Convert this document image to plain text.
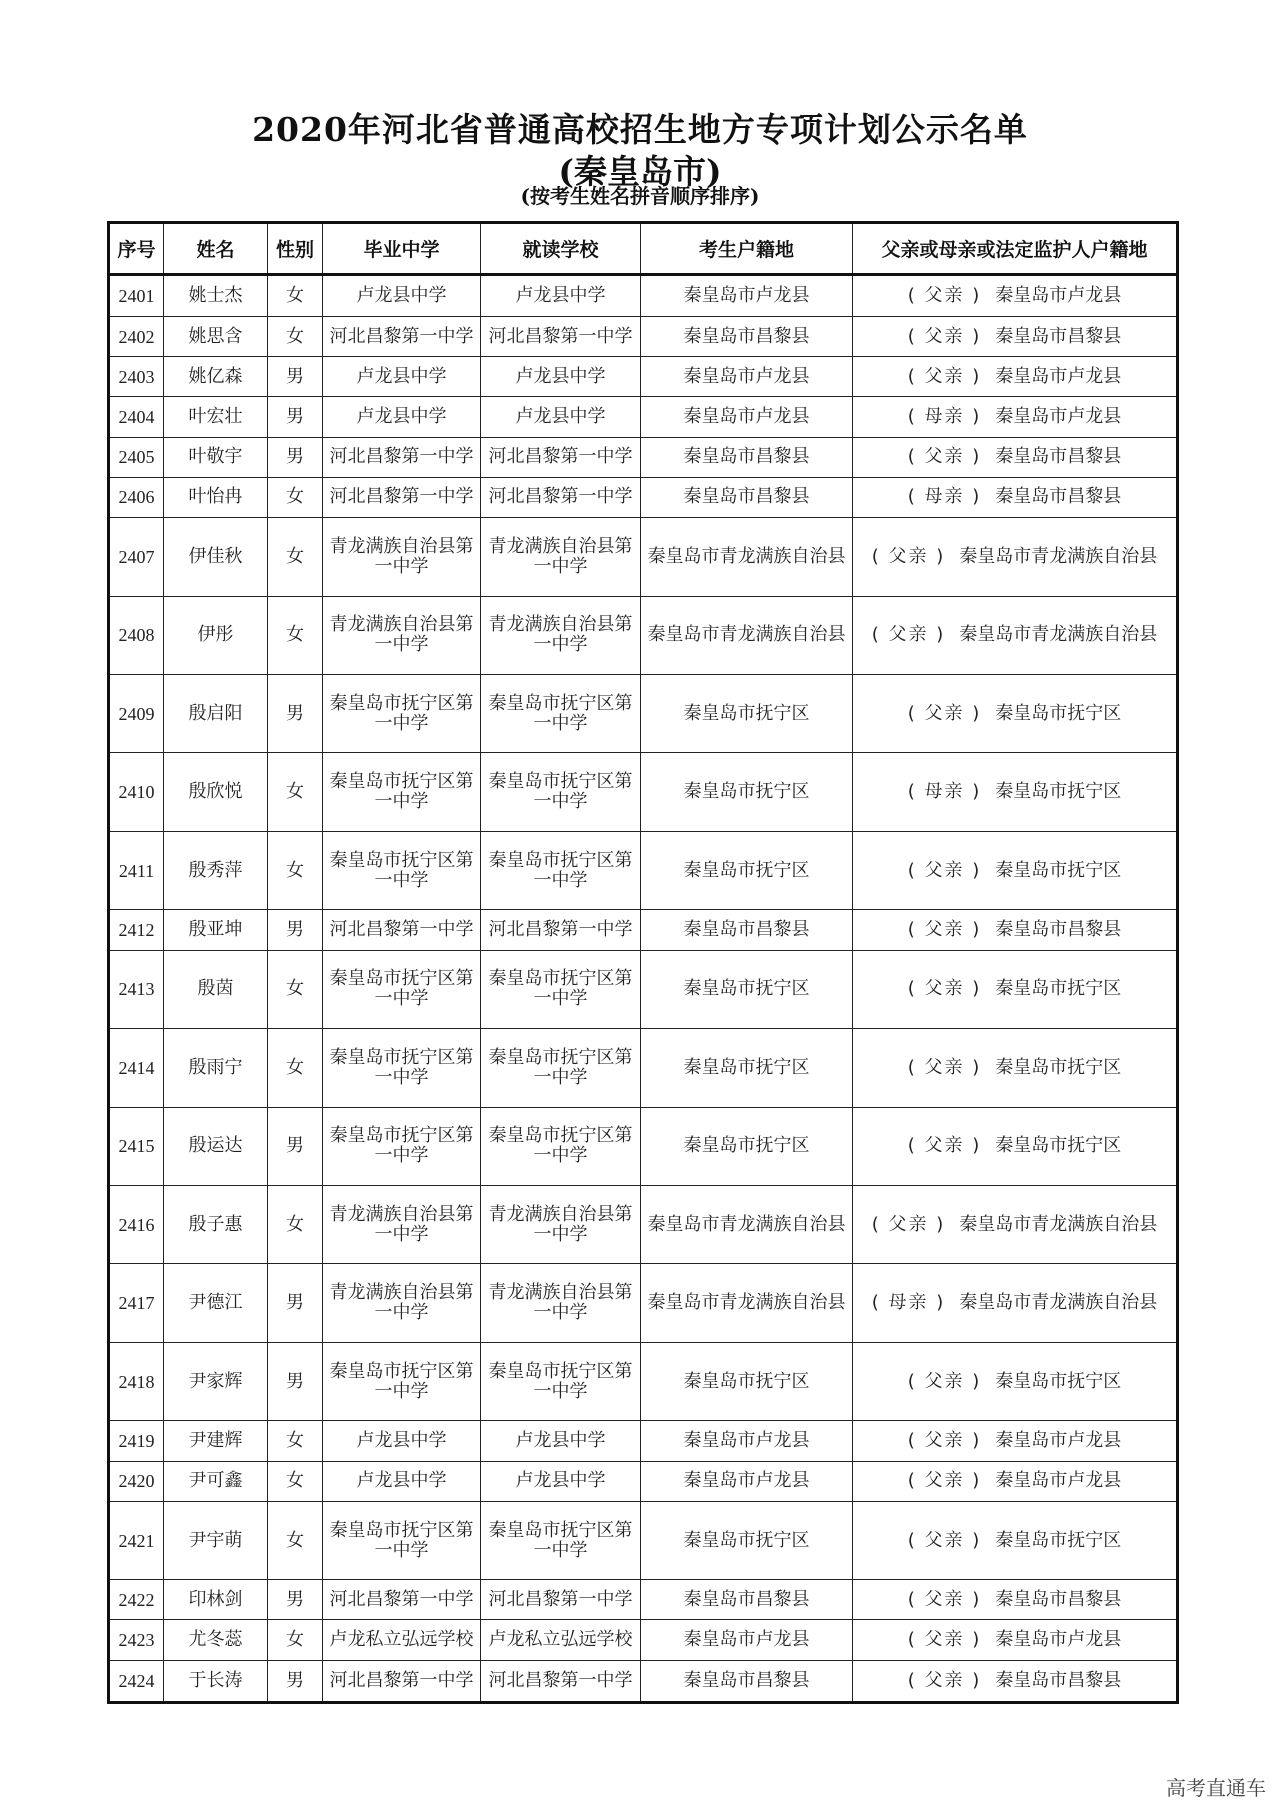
2020年河北省普通高校招生地方专项计划公示名单
(秦皇岛市)
(按考生姓名拼音顺序排序)
序号	姓名	性别	毕业中学	就读学校	考生户籍地	父亲或母亲或法定监护人户籍地
2401	姚士杰	女	卢龙县中学	卢龙县中学	秦皇岛市卢龙县	( 父亲 ) 秦皇岛市卢龙县
2402	姚思含	女	河北昌黎第一中学	河北昌黎第一中学	秦皇岛市昌黎县	( 父亲 ) 秦皇岛市昌黎县
2403	姚亿森	男	卢龙县中学	卢龙县中学	秦皇岛市卢龙县	( 父亲 ) 秦皇岛市卢龙县
2404	叶宏壮	男	卢龙县中学	卢龙县中学	秦皇岛市卢龙县	( 母亲 ) 秦皇岛市卢龙县
2405	叶敬宇	男	河北昌黎第一中学	河北昌黎第一中学	秦皇岛市昌黎县	( 父亲 ) 秦皇岛市昌黎县
2406	叶怡冉	女	河北昌黎第一中学	河北昌黎第一中学	秦皇岛市昌黎县	( 母亲 ) 秦皇岛市昌黎县
2407	伊佳秋	女	青龙满族自治县第一中学	青龙满族自治县第一中学	秦皇岛市青龙满族自治县	( 父亲 ) 秦皇岛市青龙满族自治县
2408	伊彤	女	青龙满族自治县第一中学	青龙满族自治县第一中学	秦皇岛市青龙满族自治县	( 父亲 ) 秦皇岛市青龙满族自治县
2409	殷启阳	男	秦皇岛市抚宁区第一中学	秦皇岛市抚宁区第一中学	秦皇岛市抚宁区	( 父亲 ) 秦皇岛市抚宁区
2410	殷欣悦	女	秦皇岛市抚宁区第一中学	秦皇岛市抚宁区第一中学	秦皇岛市抚宁区	( 母亲 ) 秦皇岛市抚宁区
2411	殷秀萍	女	秦皇岛市抚宁区第一中学	秦皇岛市抚宁区第一中学	秦皇岛市抚宁区	( 父亲 ) 秦皇岛市抚宁区
2412	殷亚坤	男	河北昌黎第一中学	河北昌黎第一中学	秦皇岛市昌黎县	( 父亲 ) 秦皇岛市昌黎县
2413	殷茵	女	秦皇岛市抚宁区第一中学	秦皇岛市抚宁区第一中学	秦皇岛市抚宁区	( 父亲 ) 秦皇岛市抚宁区
2414	殷雨宁	女	秦皇岛市抚宁区第一中学	秦皇岛市抚宁区第一中学	秦皇岛市抚宁区	( 父亲 ) 秦皇岛市抚宁区
2415	殷运达	男	秦皇岛市抚宁区第一中学	秦皇岛市抚宁区第一中学	秦皇岛市抚宁区	( 父亲 ) 秦皇岛市抚宁区
2416	殷子惠	女	青龙满族自治县第一中学	青龙满族自治县第一中学	秦皇岛市青龙满族自治县	( 父亲 ) 秦皇岛市青龙满族自治县
2417	尹德江	男	青龙满族自治县第一中学	青龙满族自治县第一中学	秦皇岛市青龙满族自治县	( 母亲 ) 秦皇岛市青龙满族自治县
2418	尹家辉	男	秦皇岛市抚宁区第一中学	秦皇岛市抚宁区第一中学	秦皇岛市抚宁区	( 父亲 ) 秦皇岛市抚宁区
2419	尹建辉	女	卢龙县中学	卢龙县中学	秦皇岛市卢龙县	( 父亲 ) 秦皇岛市卢龙县
2420	尹可鑫	女	卢龙县中学	卢龙县中学	秦皇岛市卢龙县	( 父亲 ) 秦皇岛市卢龙县
2421	尹宇萌	女	秦皇岛市抚宁区第一中学	秦皇岛市抚宁区第一中学	秦皇岛市抚宁区	( 父亲 ) 秦皇岛市抚宁区
2422	印林剑	男	河北昌黎第一中学	河北昌黎第一中学	秦皇岛市昌黎县	( 父亲 ) 秦皇岛市昌黎县
2423	尤冬蕊	女	卢龙私立弘远学校	卢龙私立弘远学校	秦皇岛市卢龙县	( 父亲 ) 秦皇岛市卢龙县
2424	于长涛	男	河北昌黎第一中学	河北昌黎第一中学	秦皇岛市昌黎县	( 父亲 ) 秦皇岛市昌黎县
高考直通车
